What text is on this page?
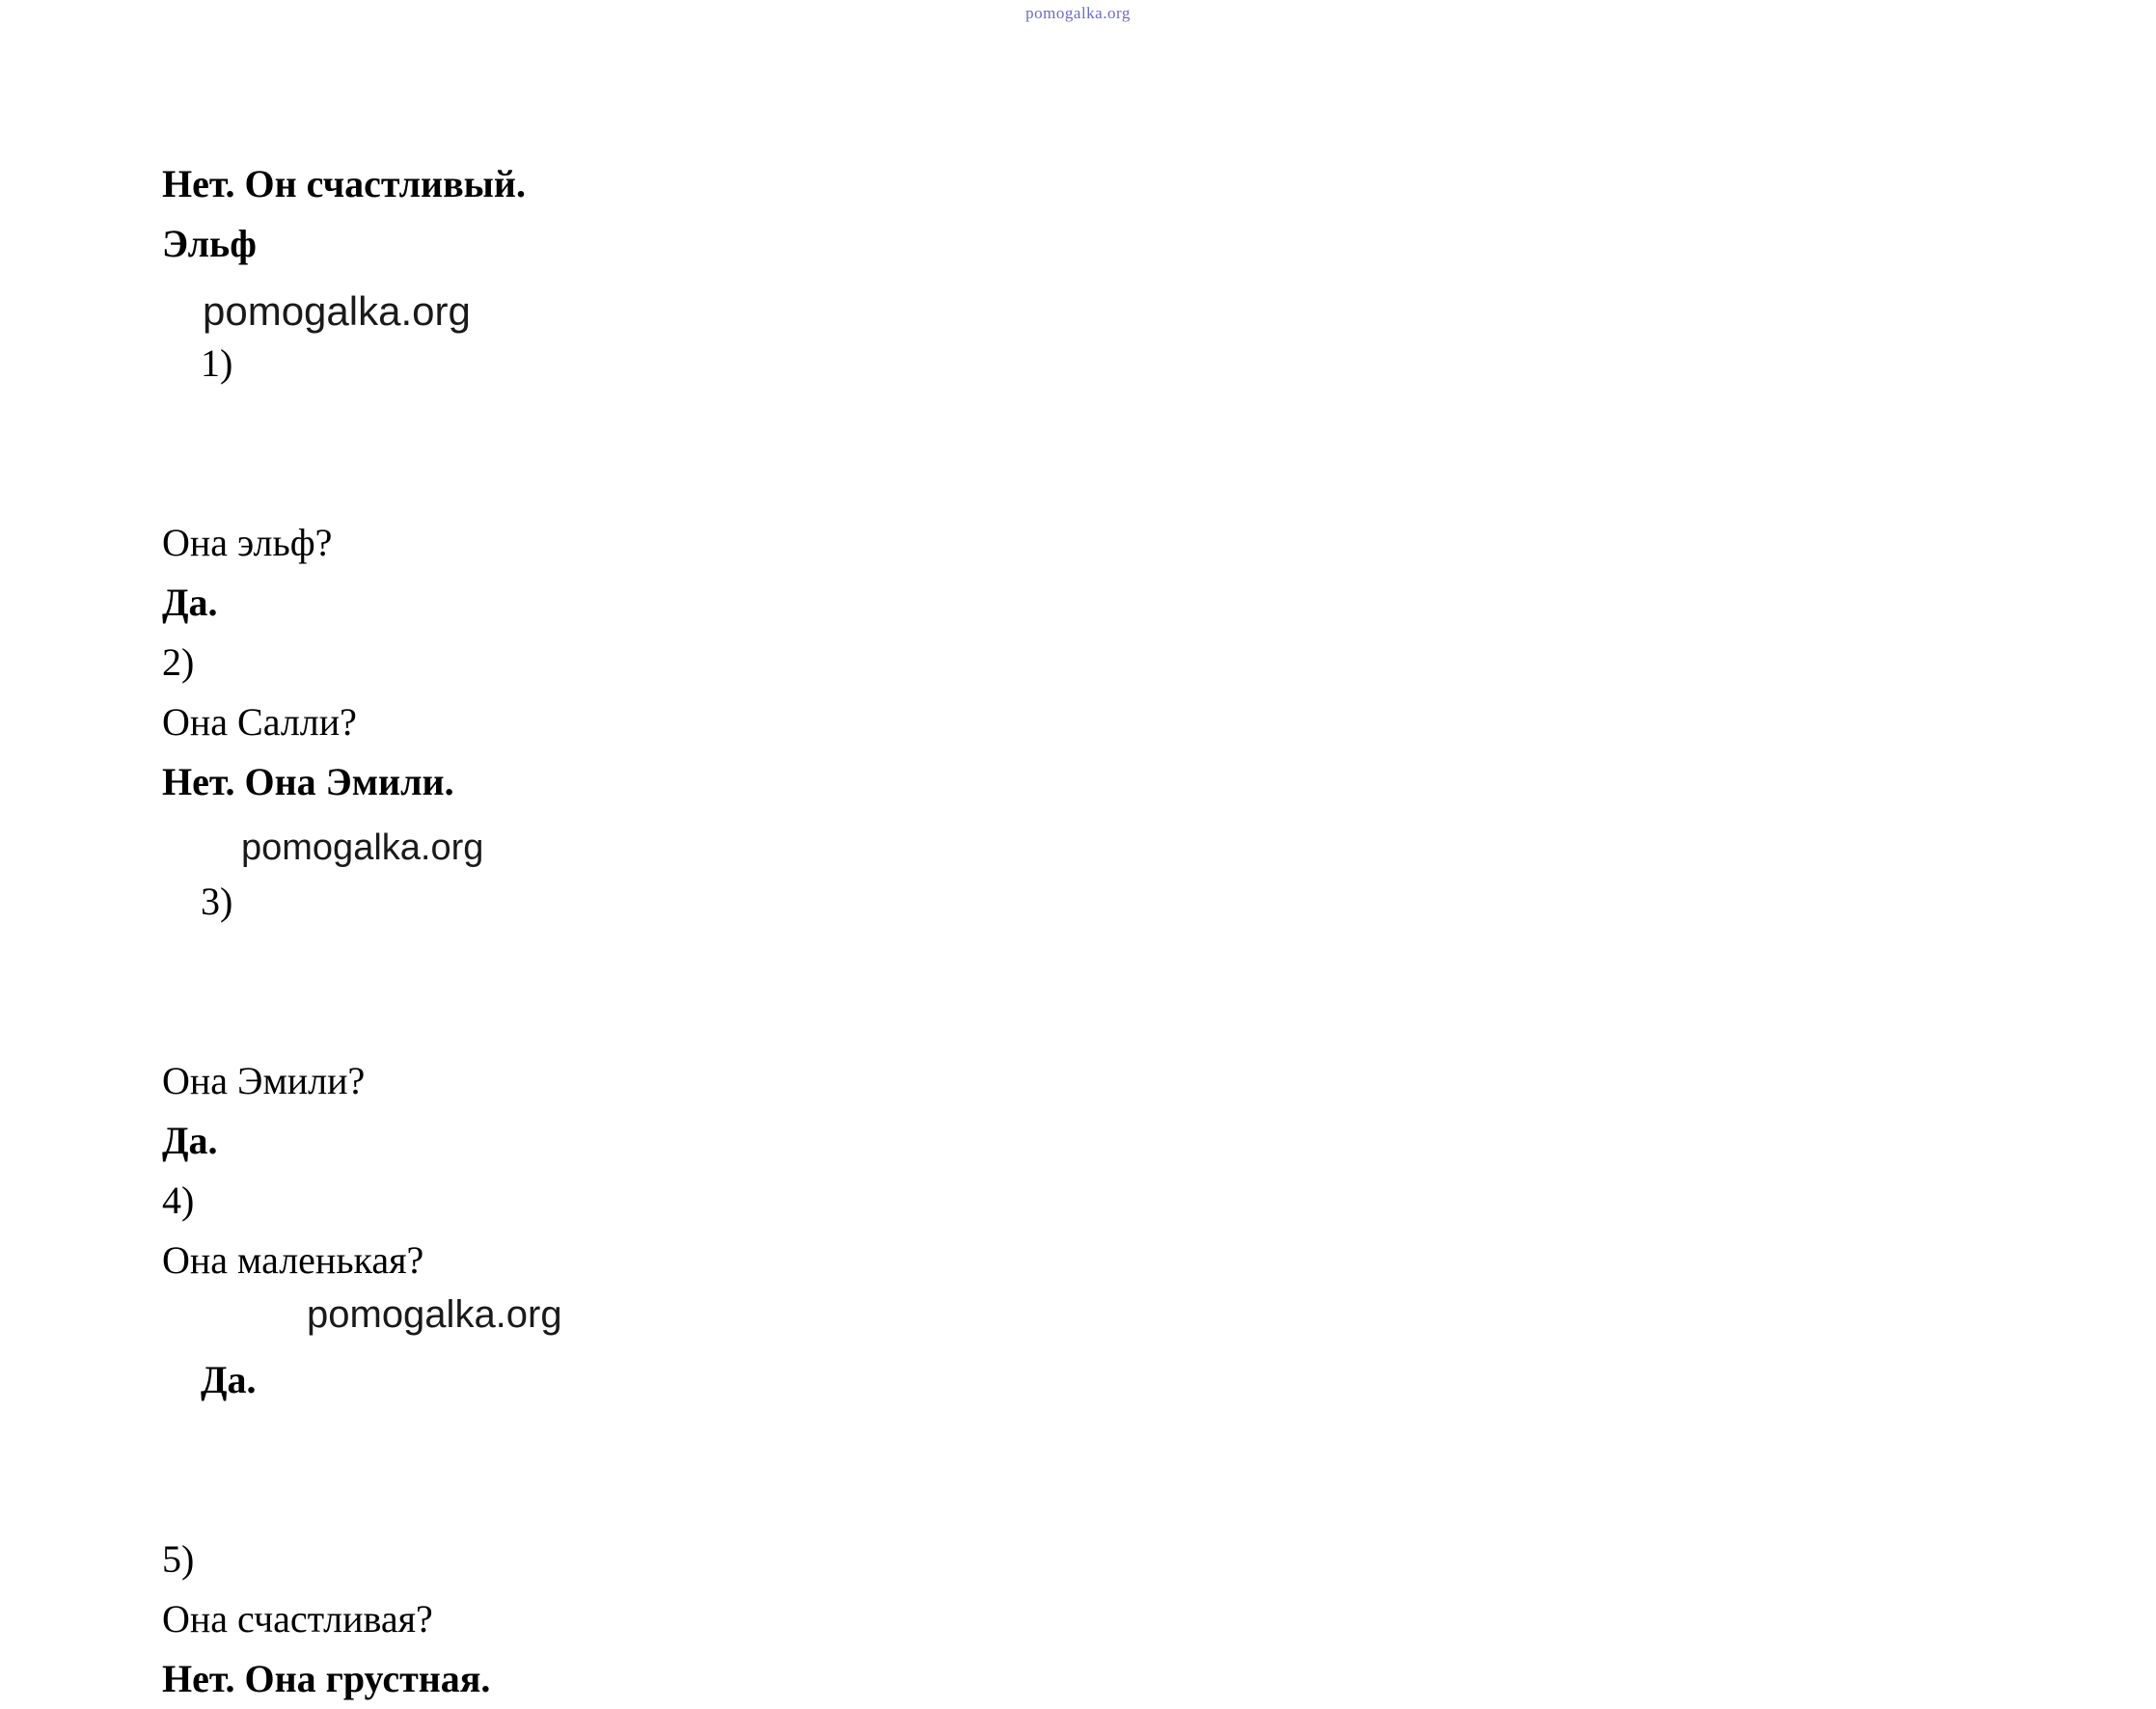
pomogalka.org
Нет. Он счастливый.
Эльф

1)

pomogalka.org

Она эльф?
Да.
2)
Она Салли?
Нет. Она Эмили.

3)

pomogalka.org

Она Эмили?
Да.
4)
Она маленькая?

Да.

pomogalka.org

5)
Она счастливая?
Нет. Она грустная.
